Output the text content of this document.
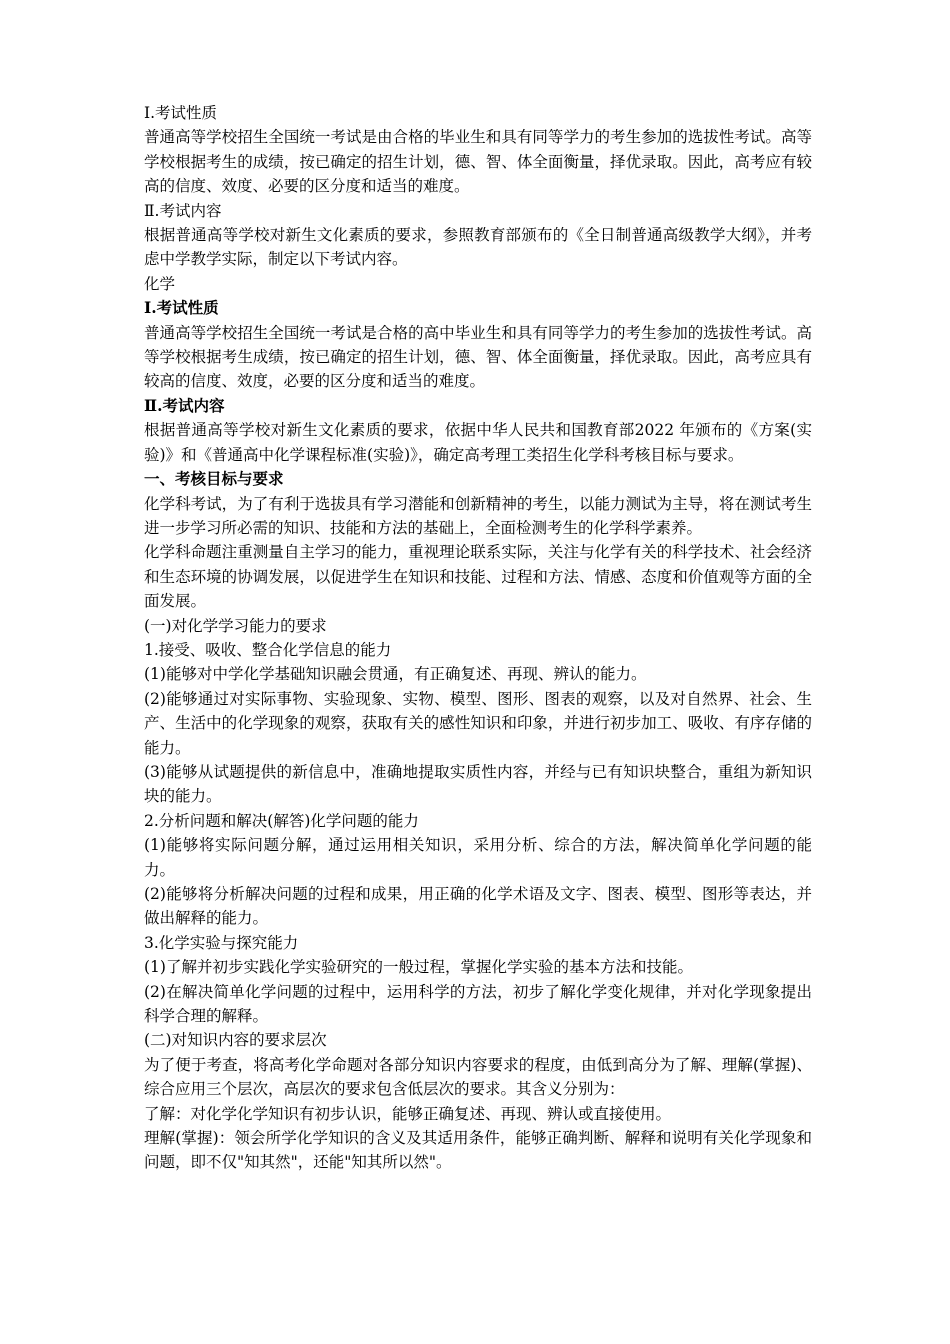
Ⅰ.考试性质

普通高等学校招生全国统一考试是由合格的毕业生和具有同等学力的考生参加的选拔性考试。高等学校根据考生的成绩，按已确定的招生计划，德、智、体全面衡量，择优录取。因此，高考应有较高的信度、效度、必要的区分度和适当的难度。

Ⅱ.考试内容

根据普通高等学校对新生文化素质的要求，参照教育部颁布的《全日制普通高级教学大纲》，并考虑中学教学实际，制定以下考试内容。

化学

Ⅰ.考试性质

普通高等学校招生全国统一考试是合格的高中毕业生和具有同等学力的考生参加的选拔性考试。高等学校根据考生成绩，按已确定的招生计划，德、智、体全面衡量，择优录取。因此，高考应具有较高的信度、效度，必要的区分度和适当的难度。

Ⅱ.考试内容

根据普通高等学校对新生文化素质的要求，依据中华人民共和国教育部2022 年颁布的《方案(实验)》和《普通高中化学课程标准(实验)》，确定高考理工类招生化学科考核目标与要求。

一、考核目标与要求

化学科考试，为了有利于选拔具有学习潜能和创新精神的考生，以能力测试为主导，将在测试考生进一步学习所必需的知识、技能和方法的基础上，全面检测考生的化学科学素养。

化学科命题注重测量自主学习的能力，重视理论联系实际，关注与化学有关的科学技术、社会经济和生态环境的协调发展，以促进学生在知识和技能、过程和方法、情感、态度和价值观等方面的全面发展。

(一)对化学学习能力的要求

1.接受、吸收、整合化学信息的能力

(1)能够对中学化学基础知识融会贯通，有正确复述、再现、辨认的能力。

(2)能够通过对实际事物、实验现象、实物、模型、图形、图表的观察，以及对自然界、社会、生产、生活中的化学现象的观察，获取有关的感性知识和印象，并进行初步加工、吸收、有序存储的能力。

(3)能够从试题提供的新信息中，准确地提取实质性内容，并经与已有知识块整合，重组为新知识块的能力。

2.分析问题和解决(解答)化学问题的能力

(1)能够将实际问题分解，通过运用相关知识，采用分析、综合的方法，解决简单化学问题的能力。

(2)能够将分析解决问题的过程和成果，用正确的化学术语及文字、图表、模型、图形等表达，并做出解释的能力。

3.化学实验与探究能力

(1)了解并初步实践化学实验研究的一般过程，掌握化学实验的基本方法和技能。

(2)在解决简单化学问题的过程中，运用科学的方法，初步了解化学变化规律，并对化学现象提出科学合理的解释。

(二)对知识内容的要求层次

为了便于考查，将高考化学命题对各部分知识内容要求的程度，由低到高分为了解、理解(掌握)、综合应用三个层次，高层次的要求包含低层次的要求。其含义分别为：

了解：对化学化学知识有初步认识，能够正确复述、再现、辨认或直接使用。

理解(掌握)：领会所学化学知识的含义及其适用条件，能够正确判断、解释和说明有关化学现象和问题，即不仅"知其然"，还能"知其所以然"。
